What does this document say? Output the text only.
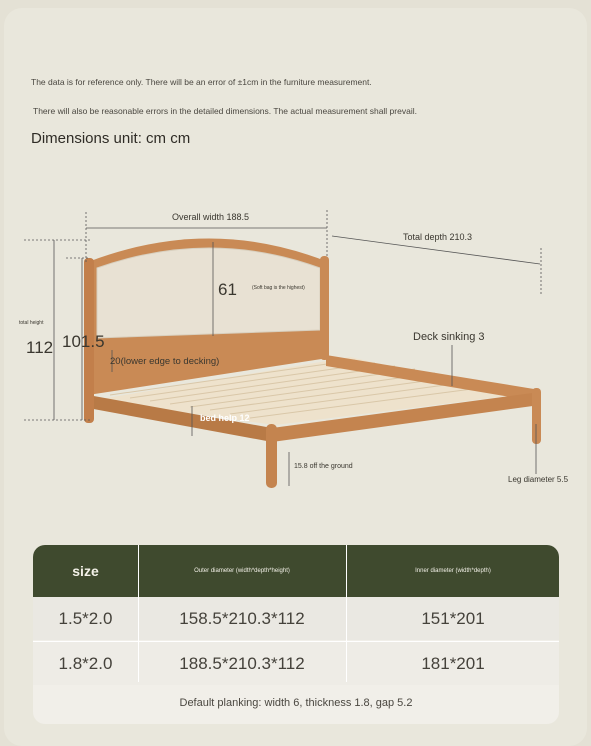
The data is for reference only. There will be an error of ±1cm in the furniture measurement.
There will also be reasonable errors in the detailed dimensions. The actual measurement shall prevail.
Dimensions unit: cm cm
Overall width 188.5
Total depth 210.3
61	(Soft bag is the highest)
total height
112 101.5
20(lower edge to decking)
Deck sinking 3
bed help 12
15.8 off the ground
Leg diameter 5.5
size	Outer diameter (width*depth*height)	Inner diameter (width*depth)
1.5*2.0	158.5*210.3*112	151*201
1.8*2.0	188.5*210.3*112	181*201
Default planking: width 6, thickness 1.8, gap 5.2
